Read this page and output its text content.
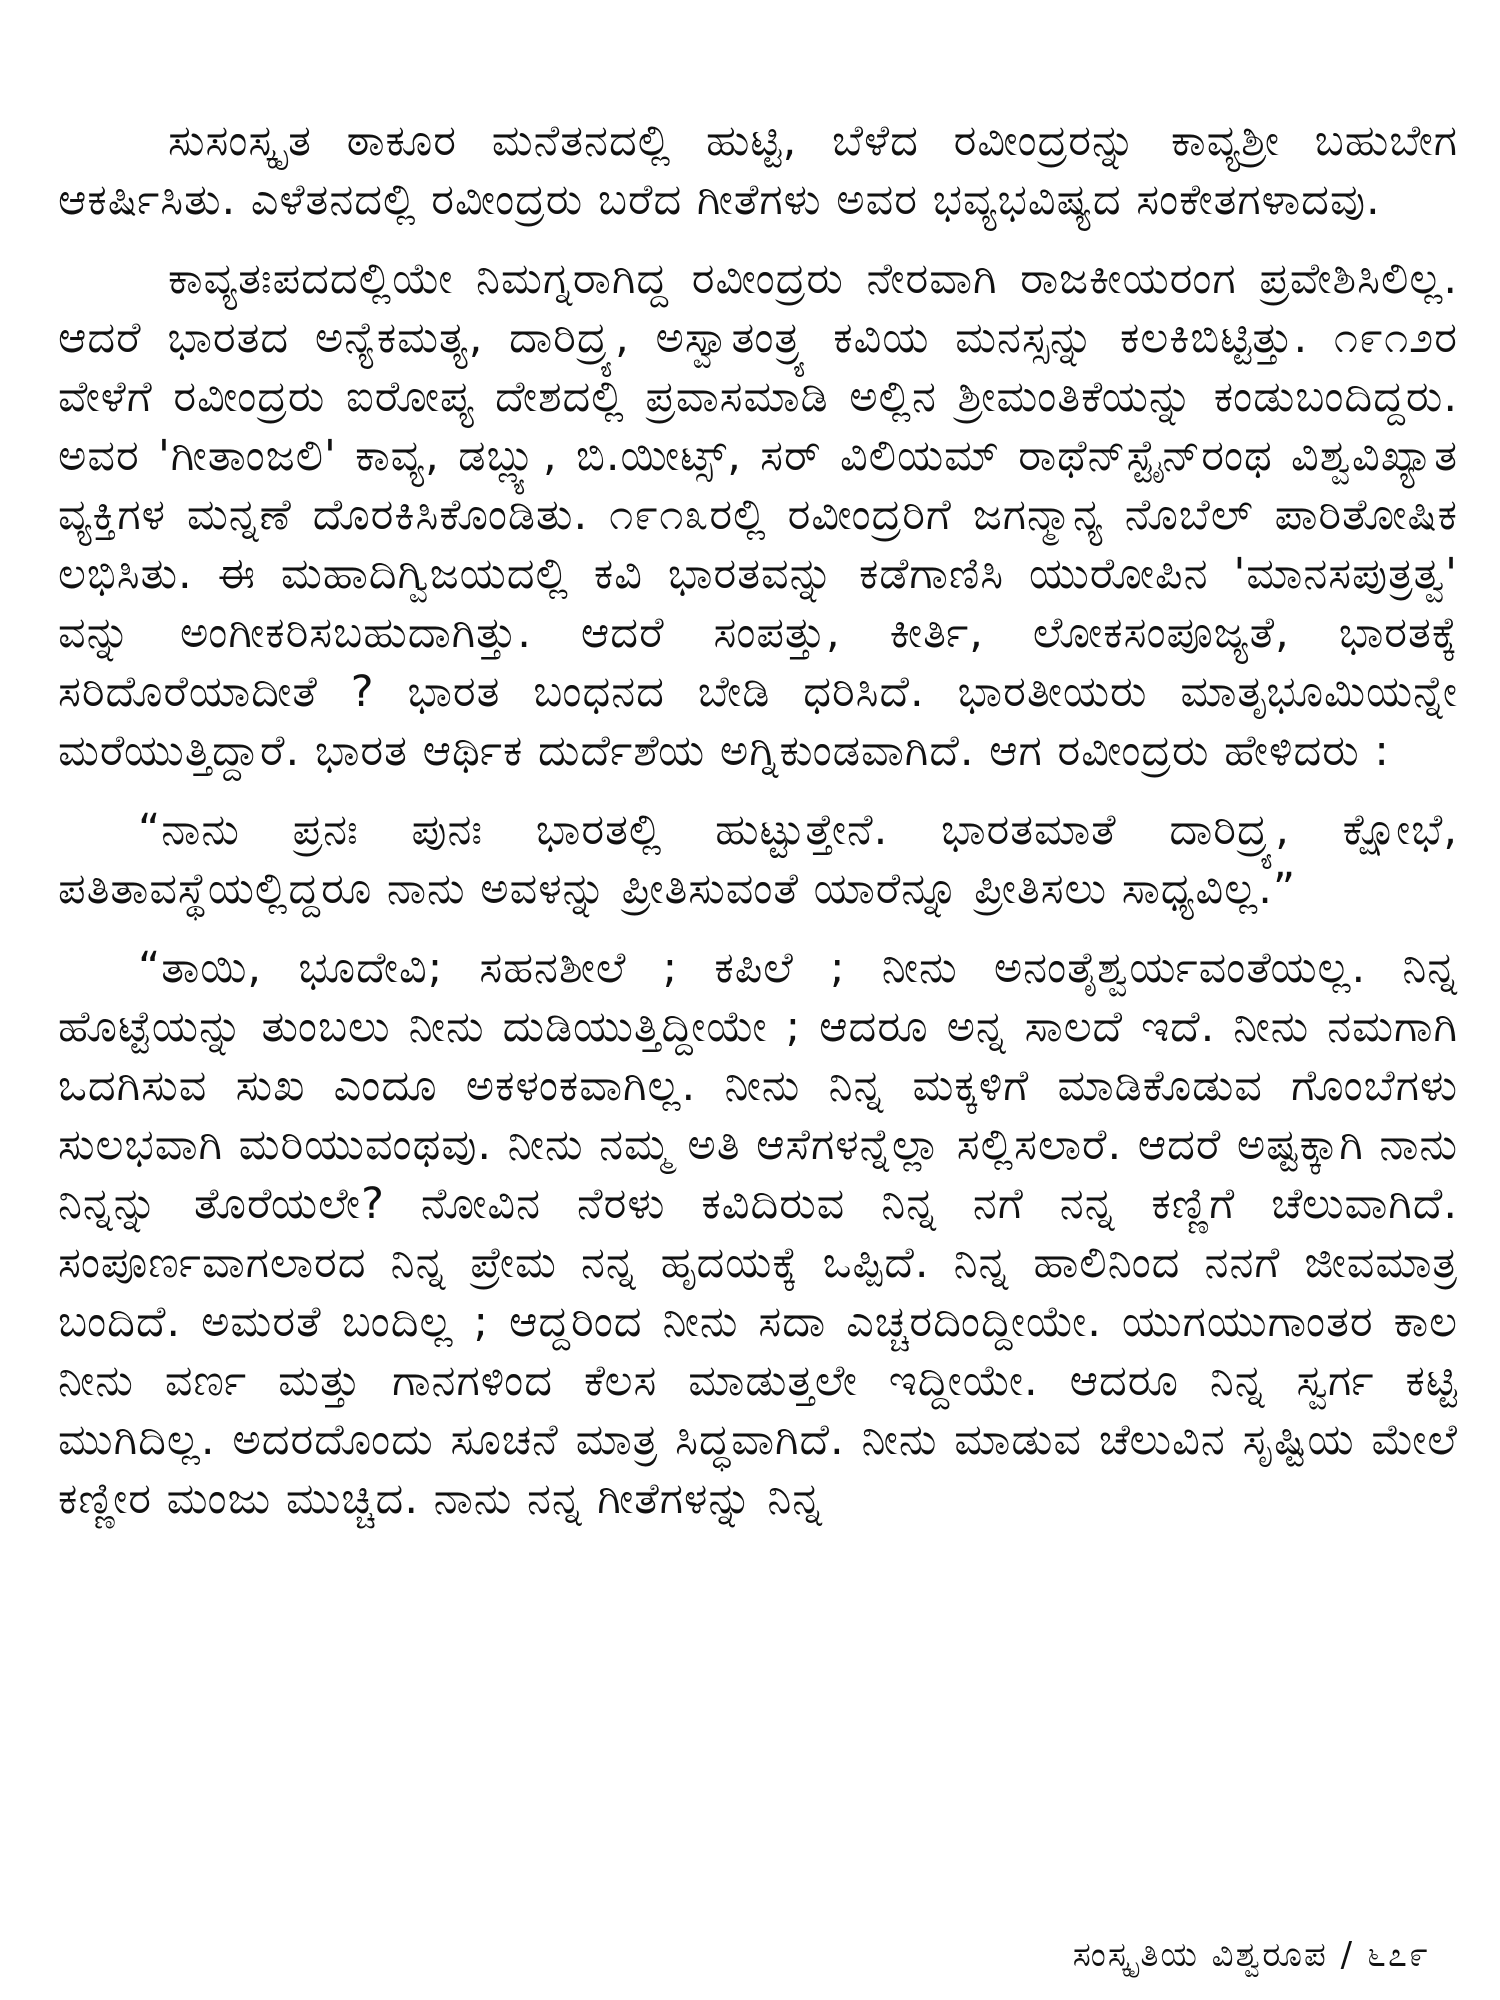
ಸುಸಂಸ್ಕೃತ ಠಾಕೂರ ಮನೆತನದಲ್ಲಿ ಹುಟ್ಟಿ, ಬೆಳೆದ ರವೀಂದ್ರರನ್ನು ಕಾವ್ಯಶ್ರೀ ಬಹುಬೇಗ ಆಕರ್ಷಿಸಿತು. ಎಳೆತನದಲ್ಲಿ ರವೀಂದ್ರರು ಬರೆದ ಗೀತೆಗಳು ಅವರ ಭವ್ಯಭವಿಷ್ಯದ ಸಂಕೇತಗಳಾದವು.

ಕಾವ್ಯತಃಪದದಲ್ಲಿಯೇ ನಿಮಗ್ನರಾಗಿದ್ದ ರವೀಂದ್ರರು ನೇರವಾಗಿ ರಾಜಕೀಯರಂಗ ಪ್ರವೇಶಿಸಿಲಿಲ್ಲ. ಆದರೆ ಭಾರತದ ಅನ್ಯೆಕಮತ್ಯ, ದಾರಿದ್ರ್ಯ, ಅಸ್ವಾತಂತ್ರ್ಯ ಕವಿಯ ಮನಸ್ಸನ್ನು ಕಲಕಿಬಿಟ್ಟಿತ್ತು. ೧೯೧೨ರ ವೇಳೆಗೆ ರವೀಂದ್ರರು ಐರೋಪ್ಯ ದೇಶದಲ್ಲಿ ಪ್ರವಾಸಮಾಡಿ ಅಲ್ಲಿನ ಶ್ರೀಮಂತಿಕೆಯನ್ನು ಕಂಡುಬಂದಿದ್ದರು. ಅವರ 'ಗೀತಾಂಜಲಿ' ಕಾವ್ಯ, ಡಬ್ಲ್ಯು, ಬಿ.ಯೀಟ್ಸ್, ಸರ್ ವಿಲಿಯಮ್ ರಾಥೆನ್‌ಸ್ಟೈನ್‌ರಂಥ ವಿಶ್ವವಿಖ್ಯಾತ ವ್ಯಕ್ತಿಗಳ ಮನ್ನಣೆ ದೊರಕಿಸಿಕೊಂಡಿತು. ೧೯೧೩ರಲ್ಲಿ ರವೀಂದ್ರರಿಗೆ ಜಗನ್ಮಾನ್ಯ ನೊಬೆಲ್ ಪಾರಿತೋಷಿಕ ಲಭಿಸಿತು. ಈ ಮಹಾದಿಗ್ವಿಜಯದಲ್ಲಿ ಕವಿ ಭಾರತವನ್ನು ಕಡೆಗಾಣಿಸಿ ಯುರೋಪಿನ 'ಮಾನಸಪುತ್ರತ್ವ' ವನ್ನು ಅಂಗೀಕರಿಸಬಹುದಾಗಿತ್ತು. ಆದರೆ ಸಂಪತ್ತು, ಕೀರ್ತಿ, ಲೋಕಸಂಪೂಜ್ಯತೆ, ಭಾರತಕ್ಕೆ ಸರಿದೊರೆಯಾದೀತೆ ? ಭಾರತ ಬಂಧನದ ಬೇಡಿ ಧರಿಸಿದೆ. ಭಾರತೀಯರು ಮಾತೃಭೂಮಿಯನ್ನೇ ಮರೆಯುತ್ತಿದ್ದಾರೆ. ಭಾರತ ಆರ್ಥಿಕ ದುರ್ದೆಶೆಯ ಅಗ್ನಿಕುಂಡವಾಗಿದೆ. ಆಗ ರವೀಂದ್ರರು ಹೇಳಿದರು :

“ನಾನು ಪ್ರನಃ ಪುನಃ ಭಾರತಲ್ಲಿ ಹುಟ್ಟುತ್ತೇನೆ. ಭಾರತಮಾತೆ ದಾರಿದ್ರ್ಯ, ಕ್ಷೋಭೆ, ಪತಿತಾವಸ್ಥೆಯಲ್ಲಿದ್ದರೂ ನಾನು ಅವಳನ್ನು ಪ್ರೀತಿಸುವಂತೆ ಯಾರೆನ್ನೂ ಪ್ರೀತಿಸಲು ಸಾಧ್ಯವಿಲ್ಲ.”

“ತಾಯಿ, ಭೂದೇವಿ; ಸಹನಶೀಲೆ ; ಕಪಿಲೆ ; ನೀನು ಅನಂತೈಶ್ವರ್ಯವಂತೆಯಲ್ಲ. ನಿನ್ನ ಹೊಟ್ಟೆಯನ್ನು ತುಂಬಲು ನೀನು ದುಡಿಯುತ್ತಿದ್ದೀಯೇ ; ಆದರೂ ಅನ್ನ ಸಾಲದೆ ಇದೆ. ನೀನು ನಮಗಾಗಿ ಒದಗಿಸುವ ಸುಖ ಎಂದೂ ಅಕಳಂಕವಾಗಿಲ್ಲ. ನೀನು ನಿನ್ನ ಮಕ್ಕಳಿಗೆ ಮಾಡಿಕೊಡುವ ಗೊಂಬೆಗಳು ಸುಲಭವಾಗಿ ಮರಿಯುವಂಥವು. ನೀನು ನಮ್ಮ ಅತಿ ಆಸೆಗಳನ್ನೆಲ್ಲಾ ಸಲ್ಲಿಸಲಾರೆ. ಆದರೆ ಅಷ್ಟಕ್ಕಾಗಿ ನಾನು ನಿನ್ನನ್ನು ತೊರೆಯಲೇ? ನೋವಿನ ನೆರಳು ಕವಿದಿರುವ ನಿನ್ನ ನಗೆ ನನ್ನ ಕಣ್ಣಿಗೆ ಚೆಲುವಾಗಿದೆ. ಸಂಪೂರ್ಣವಾಗಲಾರದ ನಿನ್ನ ಪ್ರೇಮ ನನ್ನ ಹೃದಯಕ್ಕೆ ಒಪ್ಪಿದೆ. ನಿನ್ನ ಹಾಲಿನಿಂದ ನನಗೆ ಜೀವಮಾತ್ರ ಬಂದಿದೆ. ಅಮರತೆ ಬಂದಿಲ್ಲ ; ಆದ್ದರಿಂದ ನೀನು ಸದಾ ಎಚ್ಚರದಿಂದ್ದೀಯೇ. ಯುಗಯುಗಾಂತರ ಕಾಲ ನೀನು ವರ್ಣ ಮತ್ತು ಗಾನಗಳಿಂದ ಕೆಲಸ ಮಾಡುತ್ತಲೇ ಇದ್ದೀಯೇ. ಆದರೂ ನಿನ್ನ ಸ್ವರ್ಗ ಕಟ್ಟಿ ಮುಗಿದಿಲ್ಲ. ಅದರದೊಂದು ಸೂಚನೆ ಮಾತ್ರ ಸಿದ್ಧವಾಗಿದೆ. ನೀನು ಮಾಡುವ ಚೆಲುವಿನ ಸೃಷ್ಟಿಯ ಮೇಲೆ ಕಣ್ಣೀರ ಮಂಜು ಮುಚ್ಚಿದ. ನಾನು ನನ್ನ ಗೀತೆಗಳನ್ನು ನಿನ್ನ

ಸಂಸ್ಕೃತಿಯ ವಿಶ್ವರೂಪ / ೬೭೯
